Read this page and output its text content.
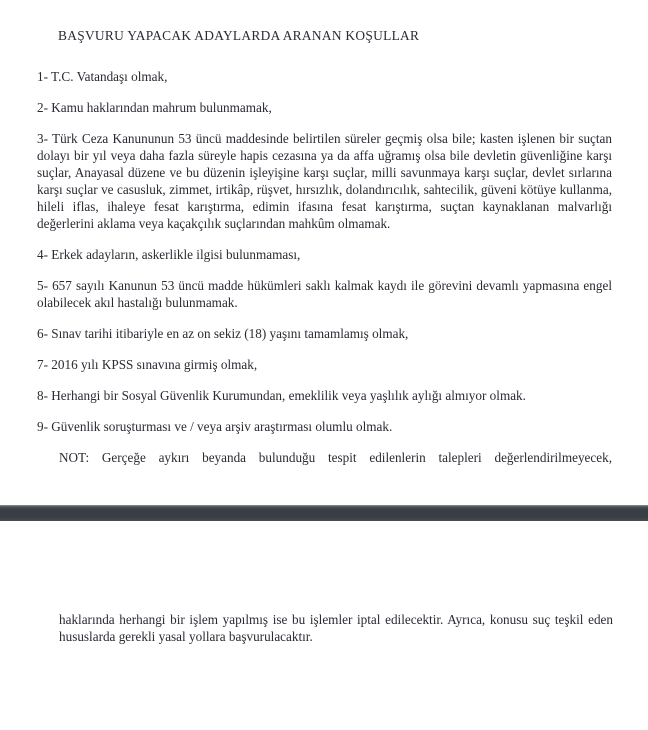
BAŞVURU YAPACAK ADAYLARDA ARANAN KOŞULLAR

1- T.C. Vatandaşı olmak,

2- Kamu haklarından mahrum bulunmamak,

3- Türk Ceza Kanununun 53 üncü maddesinde belirtilen süreler geçmiş olsa bile; kasten işlenen bir suçtan dolayı bir yıl veya daha fazla süreyle hapis cezasına ya da affa uğramış olsa bile devletin güvenliğine karşı suçlar, Anayasal düzene ve bu düzenin işleyişine karşı suçlar, milli savunmaya karşı suçlar, devlet sırlarına karşı suçlar ve casusluk, zimmet, irtikâp, rüşvet, hırsızlık, dolandırıcılık, sahtecilik, güveni kötüye kullanma, hileli iflas, ihaleye fesat karıştırma, edimin ifasına fesat karıştırma, suçtan kaynaklanan malvarlığı değerlerini aklama veya kaçakçılık suçlarından mahkûm olmamak.

4- Erkek adayların, askerlikle ilgisi bulunmaması,

5- 657 sayılı Kanunun 53 üncü madde hükümleri saklı kalmak kaydı ile görevini devamlı yapmasına engel olabilecek akıl hastalığı bulunmamak.

6- Sınav tarihi itibariyle en az on sekiz (18) yaşını tamamlamış olmak,

7- 2016 yılı KPSS sınavına girmiş olmak,

8- Herhangi bir Sosyal Güvenlik Kurumundan, emeklilik veya yaşlılık aylığı almıyor olmak.

9- Güvenlik soruşturması ve / veya arşiv araştırması olumlu olmak.

NOT: Gerçeğe aykırı beyanda bulunduğu tespit edilenlerin talepleri değerlendirilmeyecek,

haklarında herhangi bir işlem yapılmış ise bu işlemler iptal edilecektir. Ayrıca, konusu suç teşkil eden hususlarda gerekli yasal yollara başvurulacaktır.
